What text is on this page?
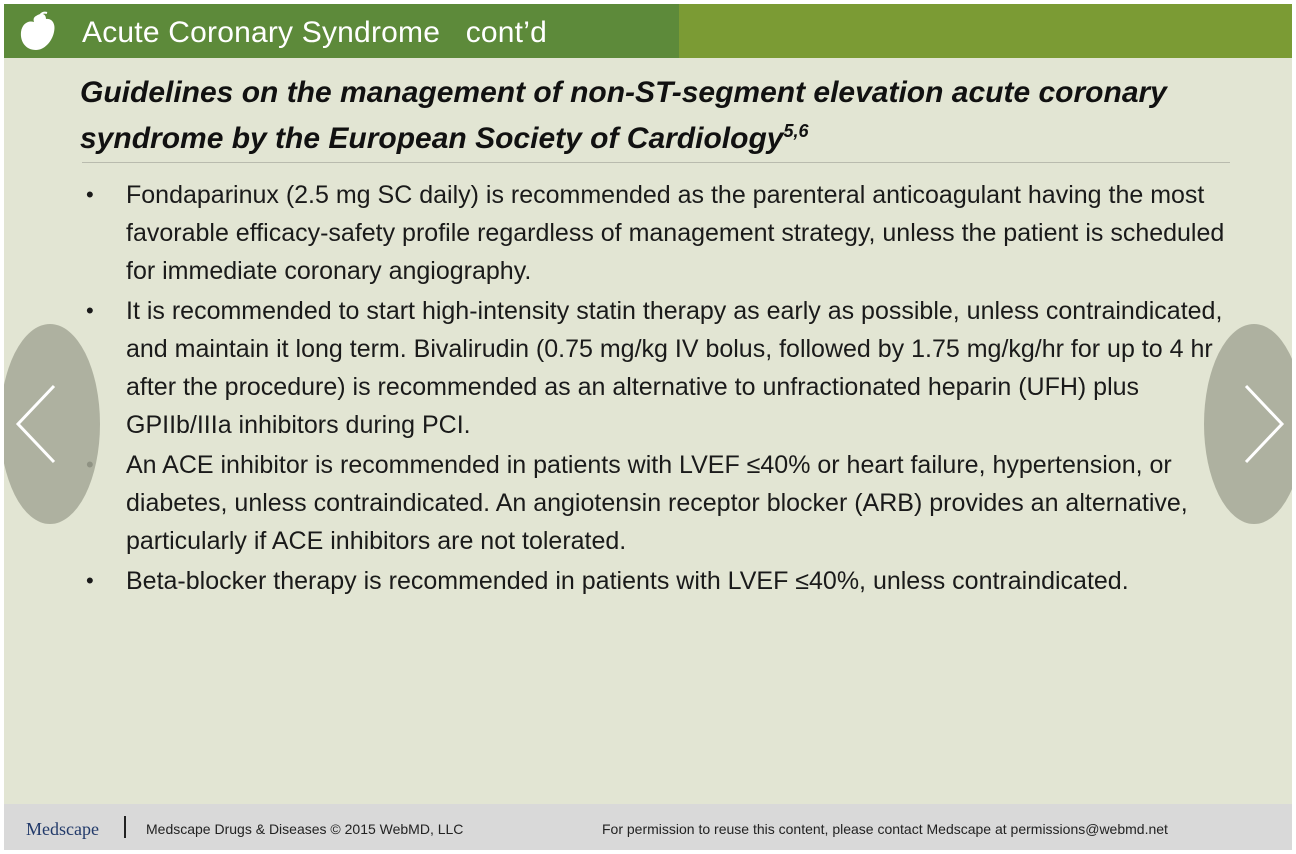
Acute Coronary Syndrome   cont’d
Guidelines on the management of non-ST-segment elevation acute coronary syndrome by the European Society of Cardiology$^{5,6}$
• Fondaparinux (2.5 mg SC daily) is recommended as the parenteral anticoagulant having the most favorable efficacy-safety profile regardless of management strategy, unless the patient is scheduled for immediate coronary angiography.
• It is recommended to start high-intensity statin therapy as early as possible, unless contraindicated, and maintain it long term. Bivalirudin (0.75 mg/kg IV bolus, followed by 1.75 mg/kg/hr for up to 4 hr after the procedure) is recommended as an alternative to unfractionated heparin (UFH) plus GPIIb/IIIa inhibitors during PCI.
An ACE inhibitor is recommended in patients with LVEF ≤40% or heart failure, hypertension, or diabetes, unless contraindicated. An angiotensin receptor blocker (ARB) provides an alternative, particularly if ACE inhibitors are not tolerated.
• Beta-blocker therapy is recommended in patients with LVEF ≤40%, unless contraindicated.
Medscape	Medscape Drugs & Diseases © 2015 WebMD, LLC	For permission to reuse this content, please contact Medscape at permissions@webmd.net
